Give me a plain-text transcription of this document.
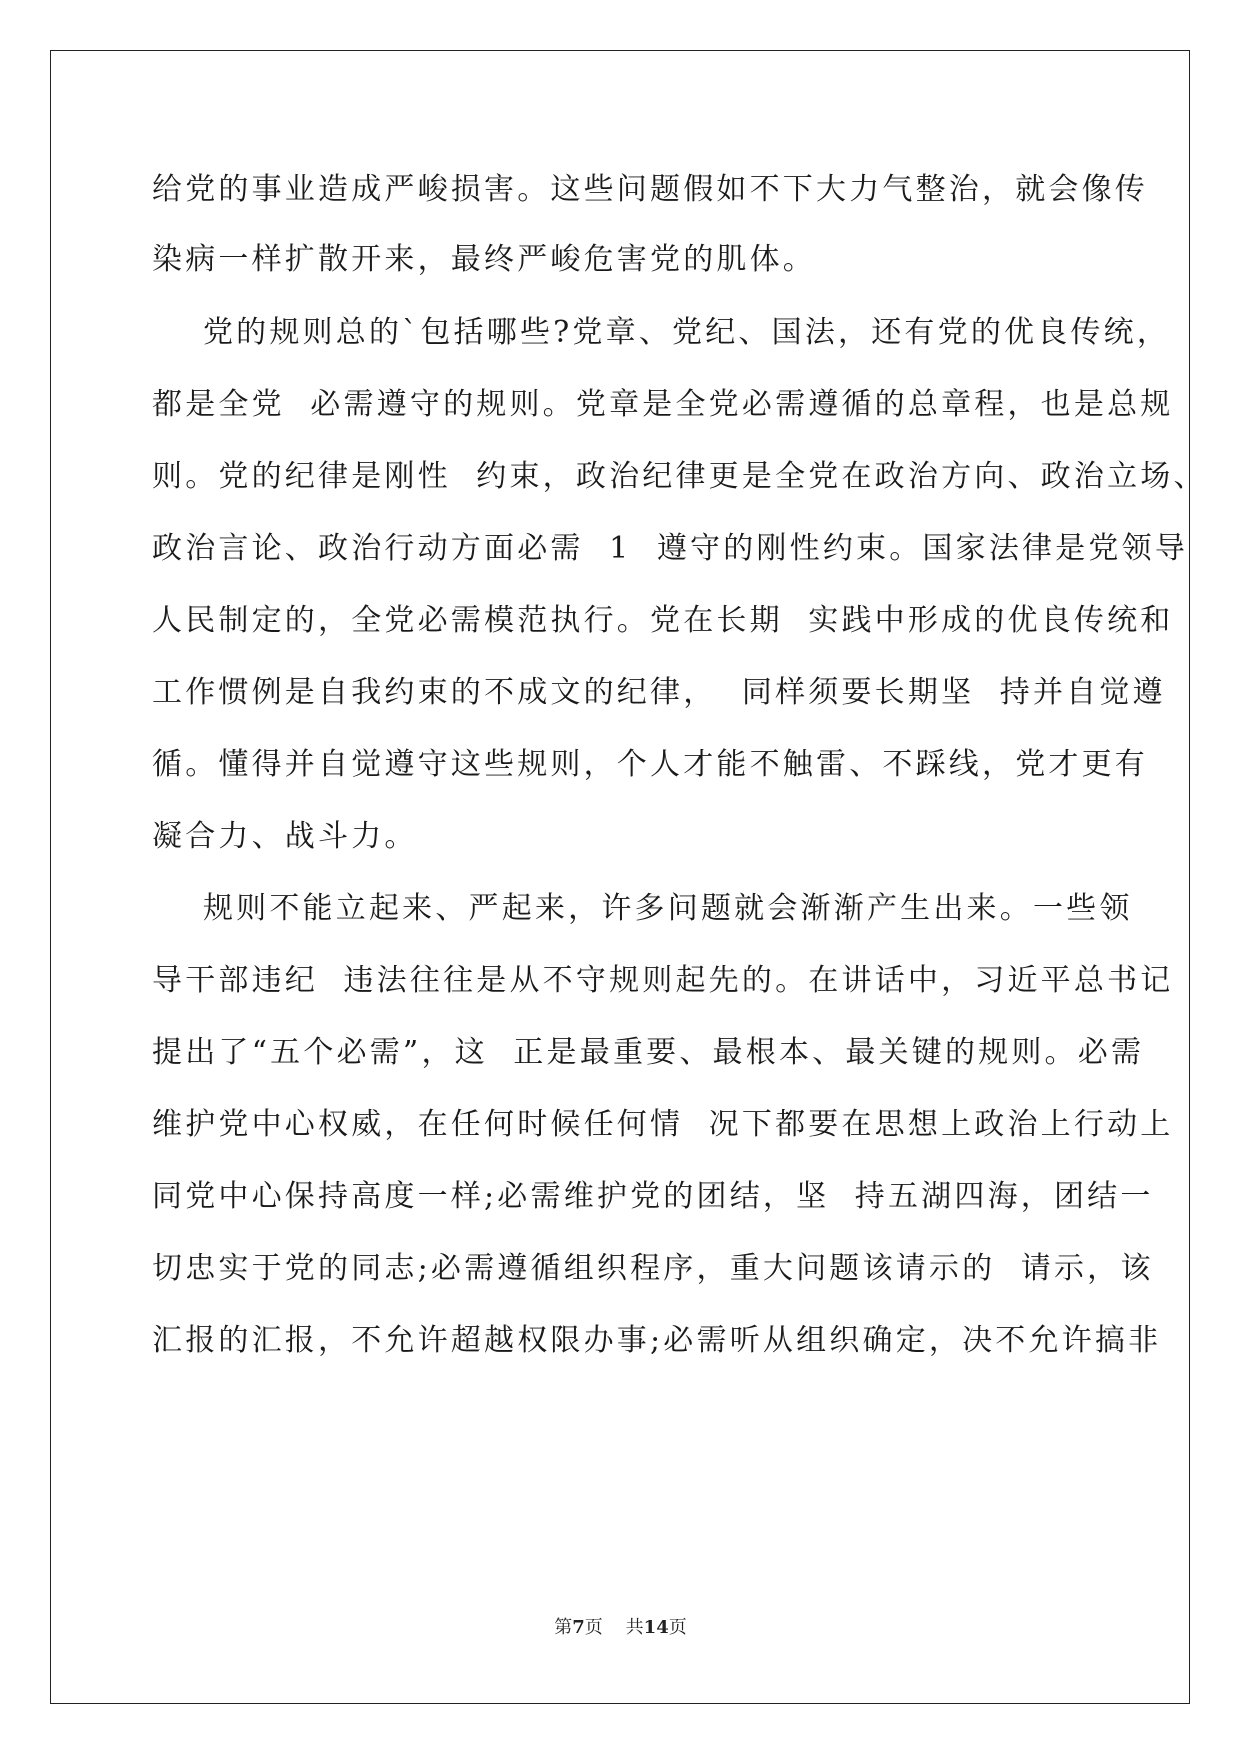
给党的事业造成严峻损害。这些问题假如不下大力气整治，就会像传
染病一样扩散开来，最终严峻危害党的肌体。
党的规则总的`包括哪些?党章、党纪、国法，还有党的优良传统，
都是全党  必需遵守的规则。党章是全党必需遵循的总章程，也是总规
则。党的纪律是刚性  约束，政治纪律更是全党在政治方向、政治立场、
政治言论、政治行动方面必需  1  遵守的刚性约束。国家法律是党领导
人民制定的，全党必需模范执行。党在长期  实践中形成的优良传统和
工作惯例是自我约束的不成文的纪律，  同样须要长期坚  持并自觉遵
循。懂得并自觉遵守这些规则，个人才能不触雷、不踩线，党才更有
凝合力、战斗力。
规则不能立起来、严起来，许多问题就会渐渐产生出来。一些领
导干部违纪  违法往往是从不守规则起先的。在讲话中，习近平总书记
提出了“五个必需”，这  正是最重要、最根本、最关键的规则。必需
维护党中心权威，在任何时候任何情  况下都要在思想上政治上行动上
同党中心保持高度一样;必需维护党的团结，坚  持五湖四海，团结一
切忠实于党的同志;必需遵循组织程序，重大问题该请示的  请示，该
汇报的汇报，不允许超越权限办事;必需听从组织确定，决不允许搞非
第7页    共14页
